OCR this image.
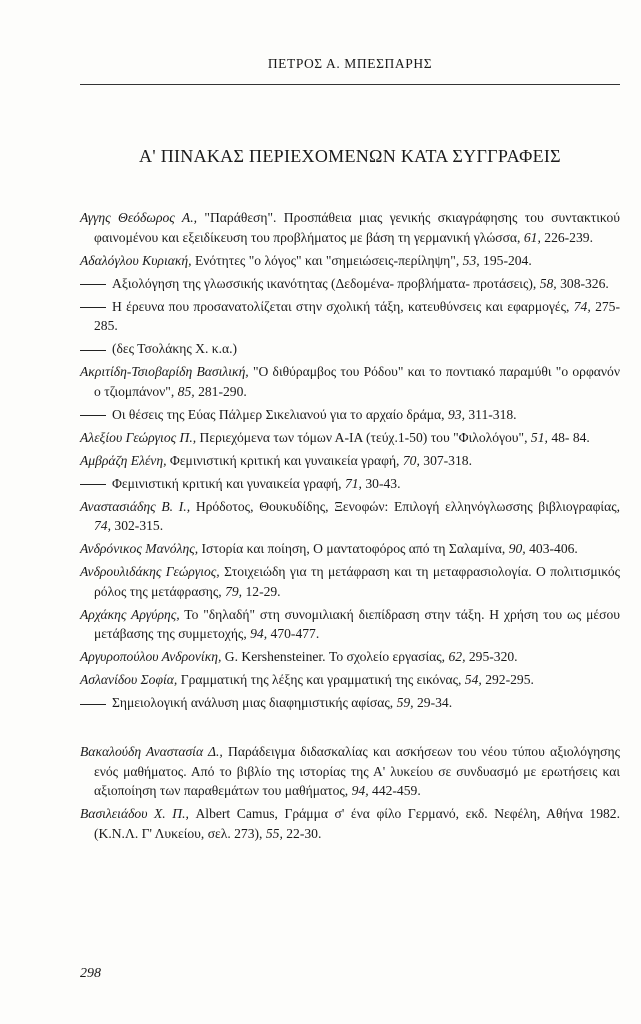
ΠΕΤΡΟΣ Α. ΜΠΕΣΠΑΡΗΣ
Α' ΠΙΝΑΚΑΣ ΠΕΡΙΕΧΟΜΕΝΩΝ ΚΑΤΑ ΣΥΓΓΡΑΦΕΙΣ
Αγγης Θεόδωρος Α., "Παράθεση". Προσπάθεια μιας γενικής σκιαγράφησης του συντακτικού φαινομένου και εξειδίκευση του προβλήματος με βάση τη γερμανική γλώσσα, 61, 226-239.
Αδαλόγλου Κυριακή, Ενότητες "ο λόγος" και "σημειώσεις-περίληψη", 53, 195-204.
Αξιολόγηση της γλωσσικής ικανότητας (Δεδομένα- προβλήματα- προτάσεις), 58, 308-326.
Η έρευνα που προσανατολίζεται στην σχολική τάξη, κατευθύνσεις και εφαρμογές, 74, 275-285.
(δες Τσολάκης Χ. κ.α.)
Ακριτίδη-Τσιοβαρίδη Βασιλική, "Ο διθύραμβος του Ρόδου" και το ποντιακό παραμύθι "ο ορφανόν ο τζιομπάνον", 85, 281-290.
Οι θέσεις της Εύας Πάλμερ Σικελιανού για το αρχαίο δράμα, 93, 311-318.
Αλεξίου Γεώργιος Π., Περιεχόμενα των τόμων Α-ΙΑ (τεύχ.1-50) του "Φιλολόγου", 51, 48- 84.
Αμβράζη Ελένη, Φεμινιστική κριτική και γυναικεία γραφή, 70, 307-318.
Φεμινιστική κριτική και γυναικεία γραφή, 71, 30-43.
Αναστασιάδης Β. Ι., Ηρόδοτος, Θουκυδίδης, Ξενοφών: Επιλογή ελληνόγλωσσης βιβλιογραφίας, 74, 302-315.
Ανδρόνικος Μανόλης, Ιστορία και ποίηση, Ο μαντατοφόρος από τη Σαλαμίνα, 90, 403-406.
Ανδρουλιδάκης Γεώργιος, Στοιχειώδη για τη μετάφραση και τη μεταφρασιολογία. Ο πολιτισμικός ρόλος της μετάφρασης, 79, 12-29.
Αρχάκης Αργύρης, Το "δηλαδή" στη συνομιλιακή διεπίδραση στην τάξη. Η χρήση του ως μέσου μετάβασης της συμμετοχής, 94, 470-477.
Αργυροπούλου Ανδρονίκη, G. Kershensteiner. Το σχολείο εργασίας, 62, 295-320.
Ασλανίδου Σοφία, Γραμματική της λέξης και γραμματική της εικόνας, 54, 292-295.
Σημειολογική ανάλυση μιας διαφημιστικής αφίσας, 59, 29-34.
Βακαλούδη Αναστασία Δ., Παράδειγμα διδασκαλίας και ασκήσεων του νέου τύπου αξιολόγησης ενός μαθήματος. Από το βιβλίο της ιστορίας της Α' λυκείου σε συνδυασμό με ερωτήσεις και αξιοποίηση των παραθεμάτων του μαθήματος, 94, 442-459.
Βασιλειάδου Χ. Π., Albert Camus, Γράμμα σ' ένα φίλο Γερμανό, εκδ. Νεφέλη, Αθήνα 1982. (Κ.Ν.Λ. Γ' Λυκείου, σελ. 273), 55, 22-30.
298
